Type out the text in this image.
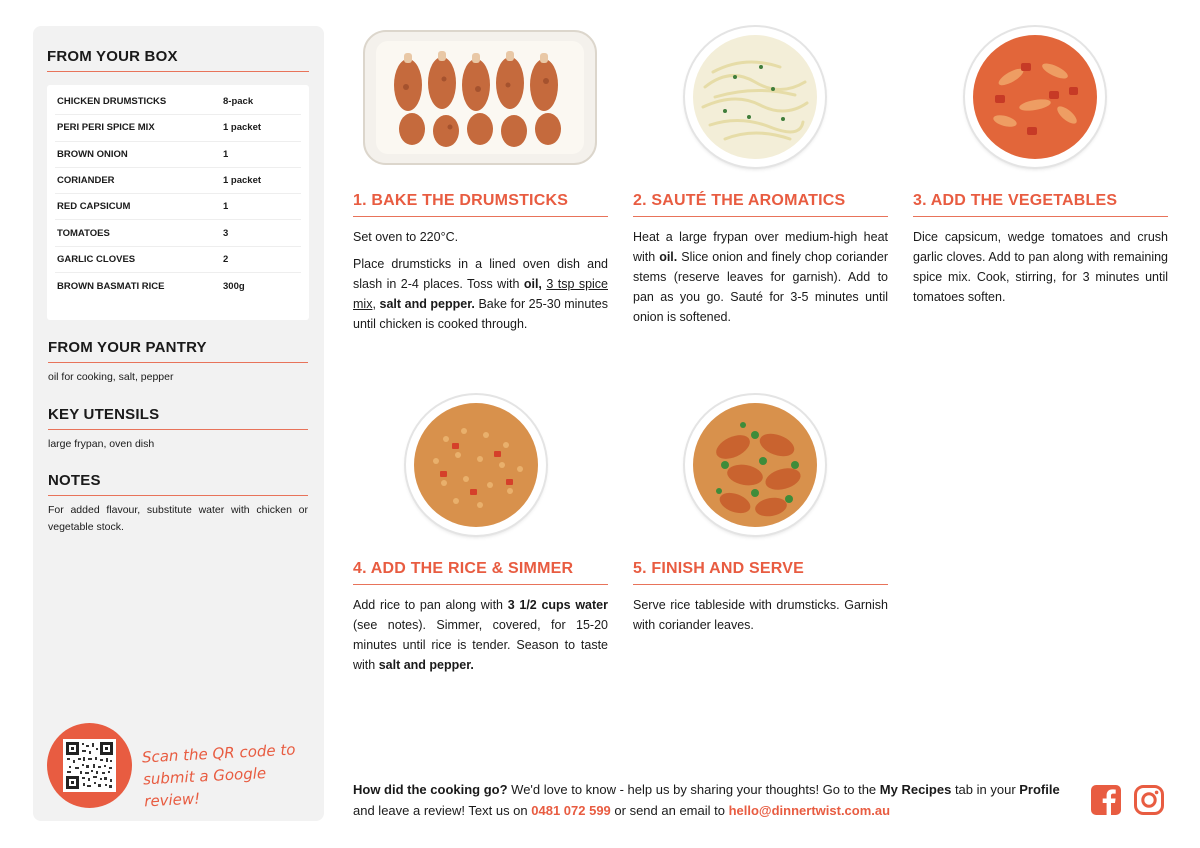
FROM YOUR BOX
CHICKEN DRUMSTICKS	8-pack
PERI PERI SPICE MIX	1 packet
BROWN ONION	1
CORIANDER	1 packet
RED CAPSICUM	1
TOMATOES	3
GARLIC CLOVES	2
BROWN BASMATI RICE	300g
FROM YOUR PANTRY
oil for cooking, salt, pepper
KEY UTENSILS
large frypan, oven dish
NOTES
For added flavour, substitute water with chicken or vegetable stock.
Scan the QR code to
submit a Google review!
1. BAKE THE DRUMSTICKS

Set oven to 220°C.

Place drumsticks in a lined oven dish and slash in 2-4 places. Toss with oil, 3 tsp spice mix, salt and pepper. Bake for 25-30 minutes until chicken is cooked through.

2. SAUTÉ THE AROMATICS

Heat a large frypan over medium-high heat with oil. Slice onion and finely chop coriander stems (reserve leaves for garnish). Add to pan as you go. Sauté for 3-5 minutes until onion is softened.

3. ADD THE VEGETABLES

Dice capsicum, wedge tomatoes and crush garlic cloves. Add to pan along with remaining spice mix. Cook, stirring, for 3 minutes until tomatoes soften.

4. ADD THE RICE & SIMMER

Add rice to pan along with 3 1/2 cups water (see notes). Simmer, covered, for 15-20 minutes until rice is tender. Season to taste with salt and pepper.

5. FINISH AND SERVE

Serve rice tableside with drumsticks. Garnish with coriander leaves.

How did the cooking go? We'd love to know - help us by sharing your thoughts! Go to the My Recipes tab in your Profile and leave a review! Text us on 0481 072 599 or send an email to hello@dinnertwist.com.au
